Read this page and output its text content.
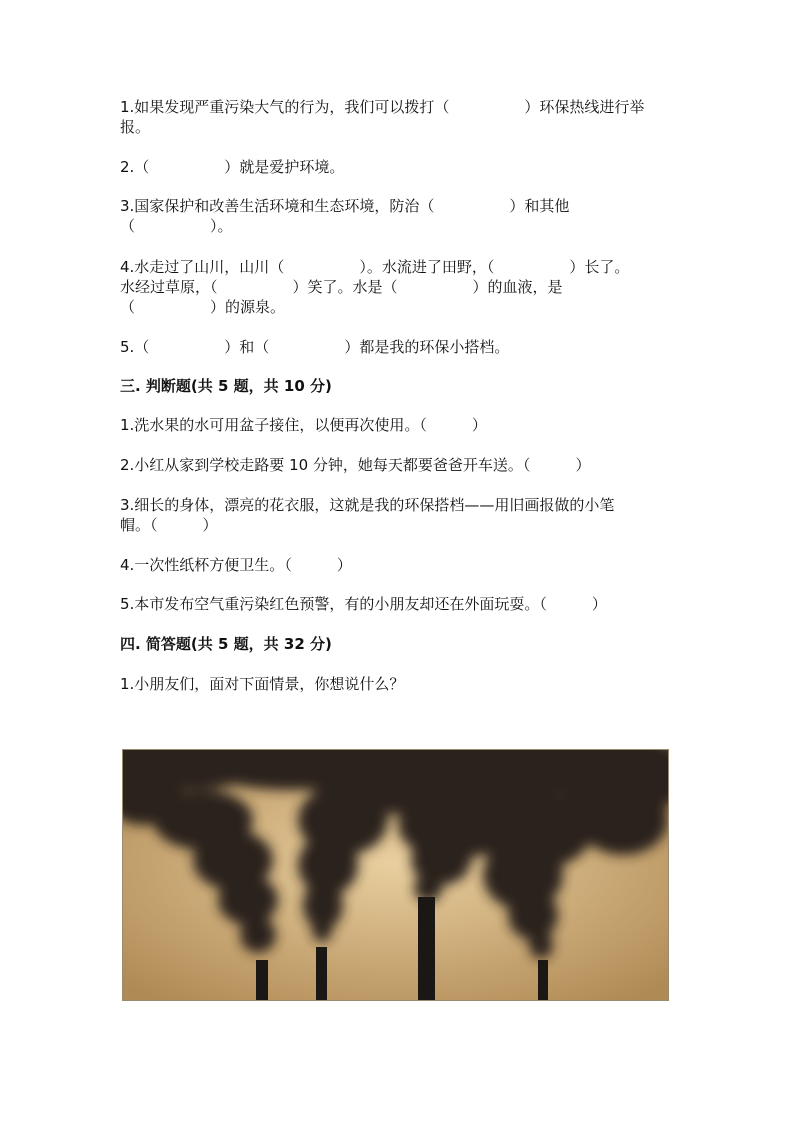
1.如果发现严重污染大气的行为，我们可以拨打（　　　　　）环保热线进行举
报。
2.（　　　　　）就是爱护环境。
3.国家保护和改善生活环境和生态环境，防治（　　　　　）和其他
（　　　　　）。
4.水走过了山川，山川（　　　　　）。水流进了田野，（　　　　　）长了。
水经过草原，（　　　　　）笑了。水是（　　　　　）的血液，是
（　　　　　）的源泉。
5.（　　　　　）和（　　　　　）都是我的环保小搭档。
三. 判断题(共 5 题，共 10 分)
1.洗水果的水可用盆子接住，以便再次使用。（　　　）
2.小红从家到学校走路要 10 分钟，她每天都要爸爸开车送。（　　　）
3.细长的身体，漂亮的花衣服，这就是我的环保搭档——用旧画报做的小笔
帽。（　　　）
4.一次性纸杯方便卫生。（　　　）
5.本市发布空气重污染红色预警，有的小朋友却还在外面玩耍。（　　　）
四. 简答题(共 5 题，共 32 分)
1.小朋友们，面对下面情景，你想说什么？
